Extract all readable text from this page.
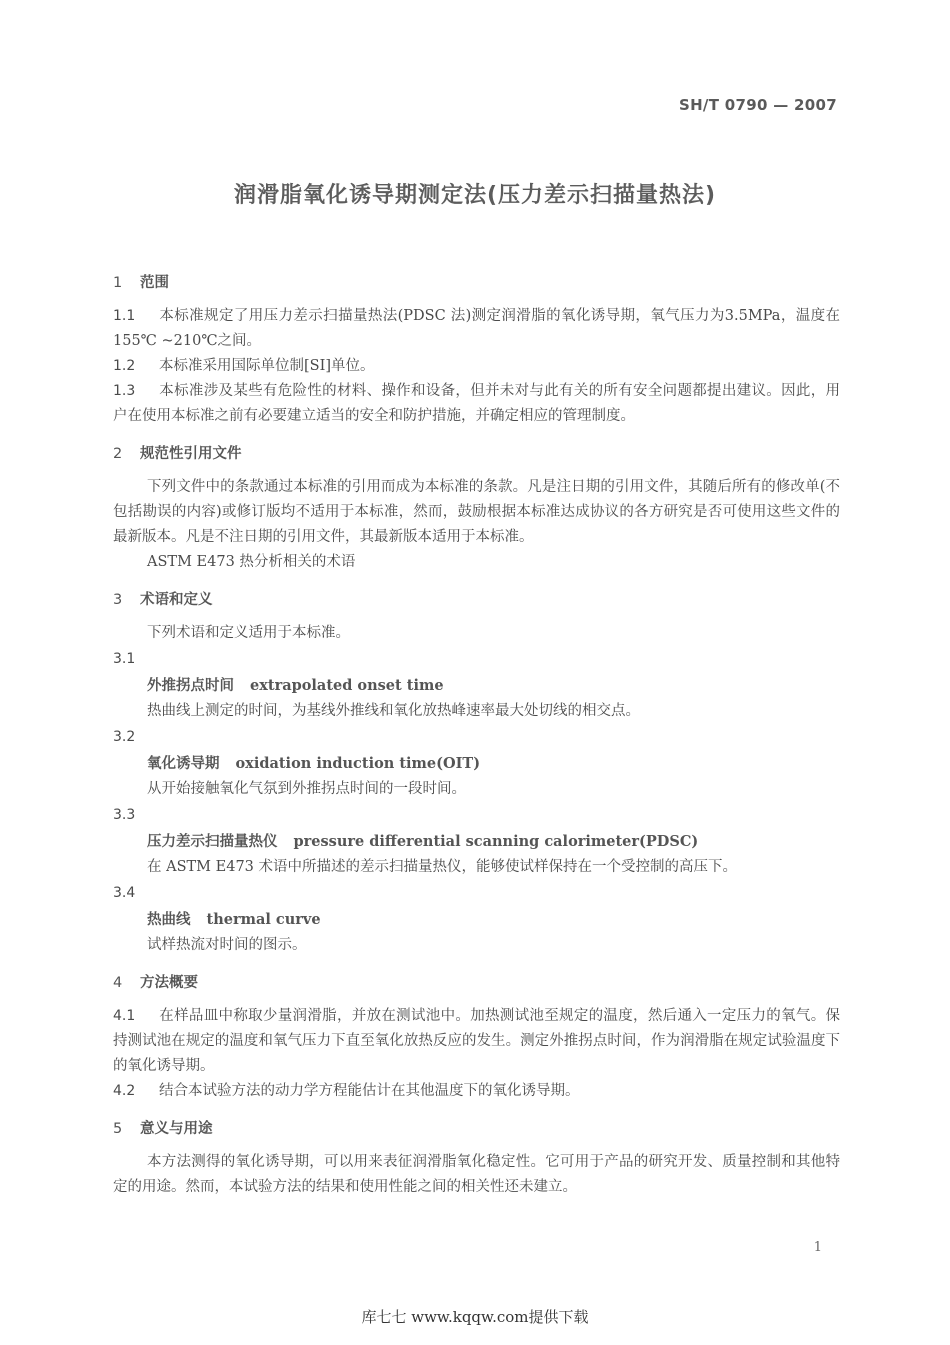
SH/T 0790 — 2007
润滑脂氧化诱导期测定法(压力差示扫描量热法)

1 范围

1.1 本标准规定了用压力差示扫描量热法(PDSC 法)测定润滑脂的氧化诱导期，氧气压力为3.5MPa，温度在155℃ ~210℃之间。

1.2 本标准采用国际单位制[SI]单位。

1.3 本标准涉及某些有危险性的材料、操作和设备，但并未对与此有关的所有安全问题都提出建议。因此，用户在使用本标准之前有必要建立适当的安全和防护措施，并确定相应的管理制度。

2 规范性引用文件

下列文件中的条款通过本标准的引用而成为本标准的条款。凡是注日期的引用文件，其随后所有的修改单(不包括勘误的内容)或修订版均不适用于本标准，然而，鼓励根据本标准达成协议的各方研究是否可使用这些文件的最新版本。凡是不注日期的引用文件，其最新版本适用于本标准。

ASTM E473 热分析相关的术语

3 术语和定义

下列术语和定义适用于本标准。

3.1

外推拐点时间 extrapolated onset time

热曲线上测定的时间，为基线外推线和氧化放热峰速率最大处切线的相交点。

3.2

氧化诱导期 oxidation induction time(OIT)

从开始接触氧化气氛到外推拐点时间的一段时间。

3.3

压力差示扫描量热仪 pressure differential scanning calorimeter(PDSC)

在 ASTM E473 术语中所描述的差示扫描量热仪，能够使试样保持在一个受控制的高压下。

3.4

热曲线 thermal curve

试样热流对时间的图示。

4 方法概要

4.1 在样品皿中称取少量润滑脂，并放在测试池中。加热测试池至规定的温度，然后通入一定压力的氧气。保持测试池在规定的温度和氧气压力下直至氧化放热反应的发生。测定外推拐点时间，作为润滑脂在规定试验温度下的氧化诱导期。

4.2 结合本试验方法的动力学方程能估计在其他温度下的氧化诱导期。

5 意义与用途

本方法测得的氧化诱导期，可以用来表征润滑脂氧化稳定性。它可用于产品的研究开发、质量控制和其他特定的用途。然而，本试验方法的结果和使用性能之间的相关性还未建立。

1
库七七 www.kqqw.com提供下载
